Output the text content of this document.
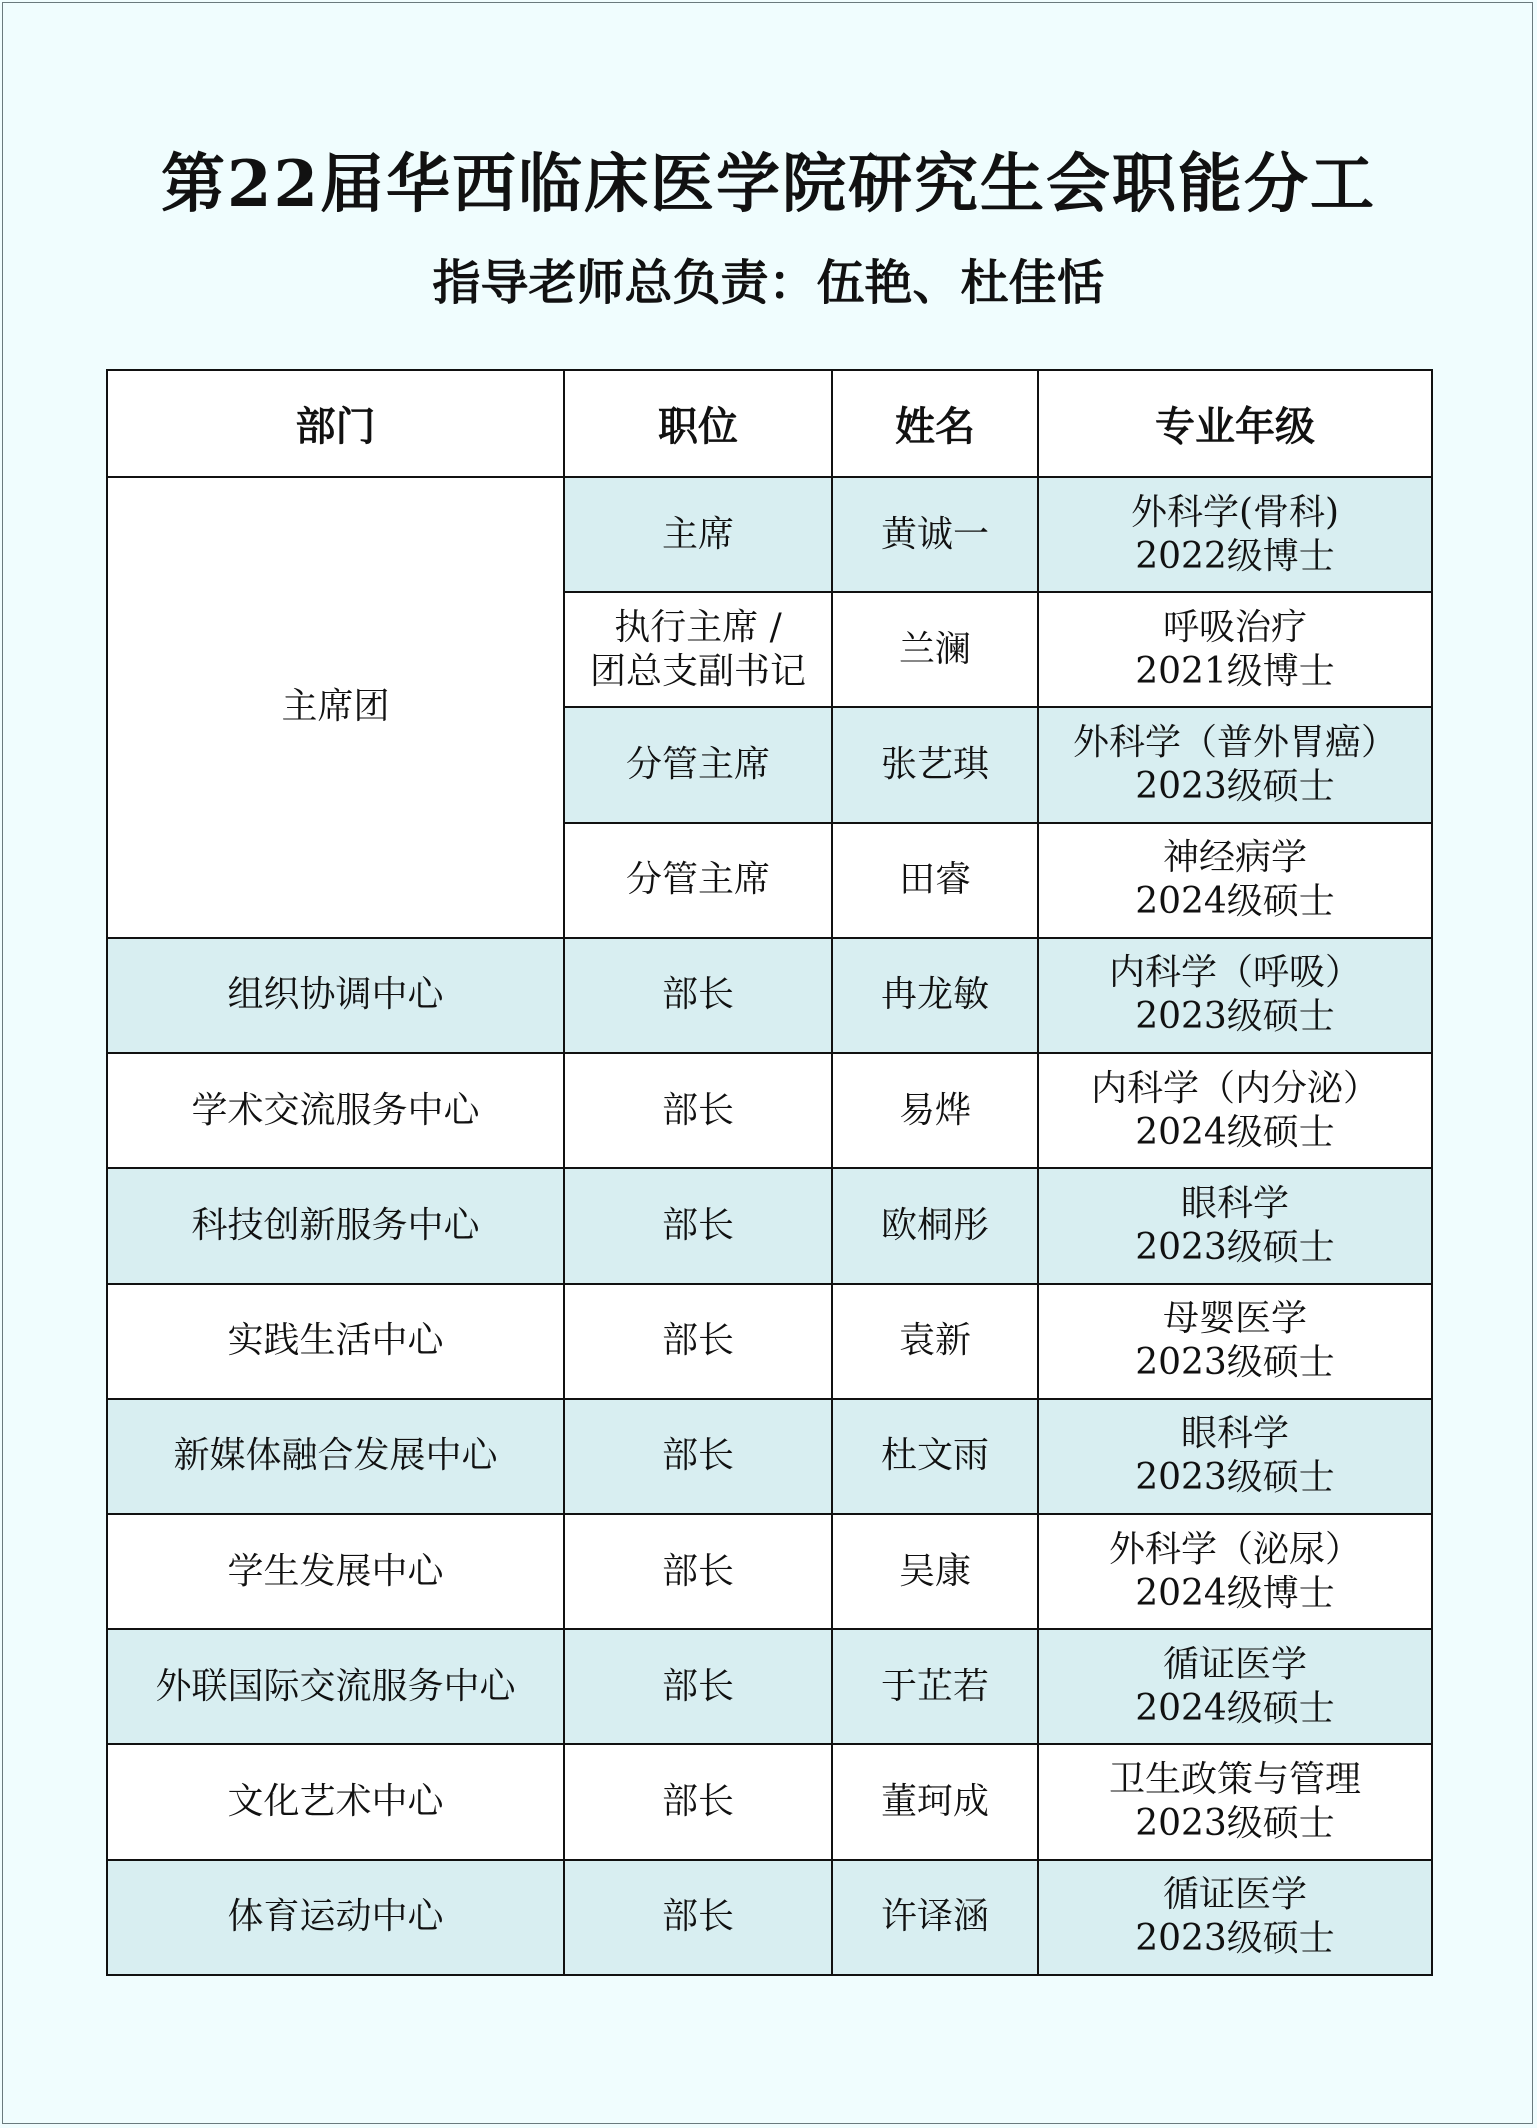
第22届华西临床医学院研究生会职能分工
指导老师总负责：伍艳、杜佳恬
部门	职位	姓名	专业年级
主席团	主席	黄诚一	外科学(骨科)
2022级博士

	执行主席 /
团总支副书记	兰澜	呼吸治疗
2021级博士

	分管主席	张艺琪	外科学（普外胃癌）
2023级硕士

	分管主席	田睿	神经病学
2024级硕士

组织协调中心	部长	冉龙敏	内科学（呼吸）
2023级硕士

学术交流服务中心	部长	易烨	内科学（内分泌）
2024级硕士

科技创新服务中心	部长	欧桐彤	眼科学
2023级硕士

实践生活中心	部长	袁新	母婴医学
2023级硕士

新媒体融合发展中心	部长	杜文雨	眼科学
2023级硕士

学生发展中心	部长	吴康	外科学（泌尿）
2024级博士

外联国际交流服务中心	部长	于芷若	循证医学
2024级硕士

文化艺术中心	部长	董珂成	卫生政策与管理
2023级硕士

体育运动中心	部长	许译涵	循证医学
2023级硕士
